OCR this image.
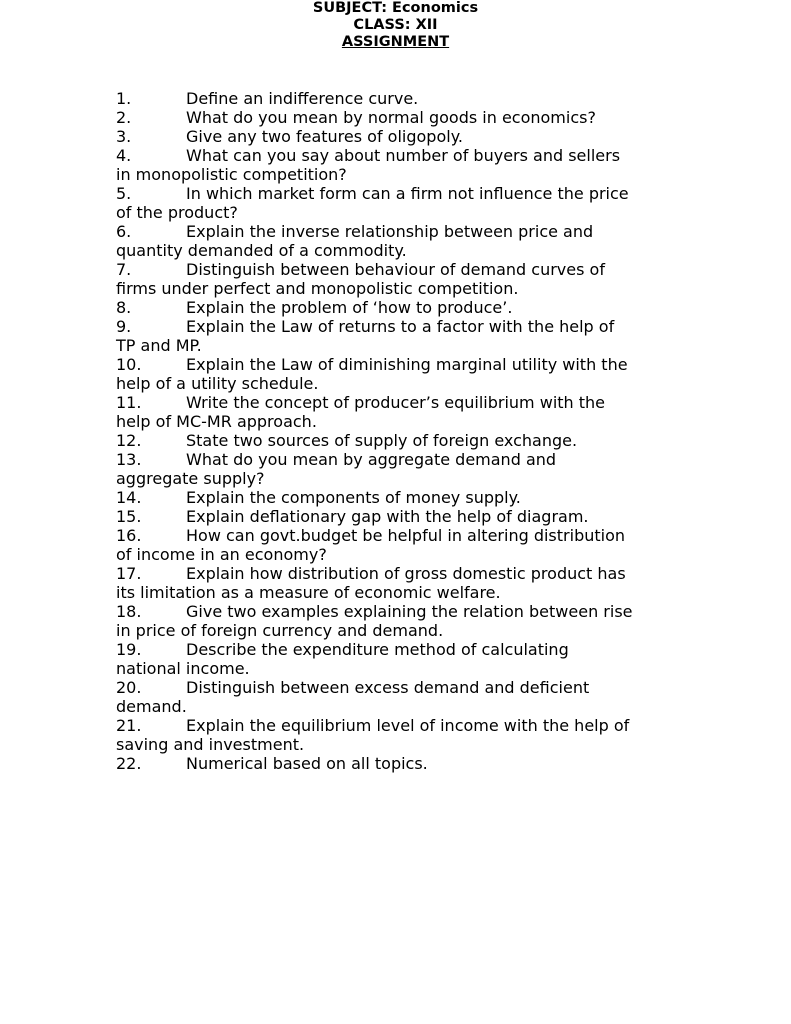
SUBJECT: Economics
CLASS: XII
ASSIGNMENT
1.	Define an indifference curve.
2.	What do you mean by normal goods in economics?
3.	Give any two features of oligopoly.
4.	What can you say about number of buyers and sellers in monopolistic competition?
5.	In which market form can a firm not influence the price of the product?
6.	Explain the inverse relationship between price and quantity demanded of a commodity.
7.	Distinguish between behaviour of demand curves of firms under perfect and monopolistic competition.
8.	Explain the problem of ‘how to produce’.
9.	Explain the Law of returns to a factor with the help of TP and MP.
10.	Explain the Law of diminishing marginal utility with the help of a utility schedule.
11.	Write the concept of producer’s equilibrium with the help of MC-MR approach.
12.	State two sources of supply of foreign exchange.
13.	What do you mean by aggregate demand and aggregate supply?
14.	Explain the components of money supply.
15.	Explain deflationary gap with the help of diagram.
16.	How can govt.budget be helpful in altering distribution of income in an economy?
17.	Explain how distribution of gross domestic product has its limitation as a measure of economic welfare.
18.	Give two examples explaining the relation between rise in price of foreign currency and demand.
19.	Describe the expenditure method of calculating national income.
20.	Distinguish between excess demand and deficient demand.
21.	Explain the equilibrium level of income with the help of saving and investment.
22.	Numerical based on all topics.
